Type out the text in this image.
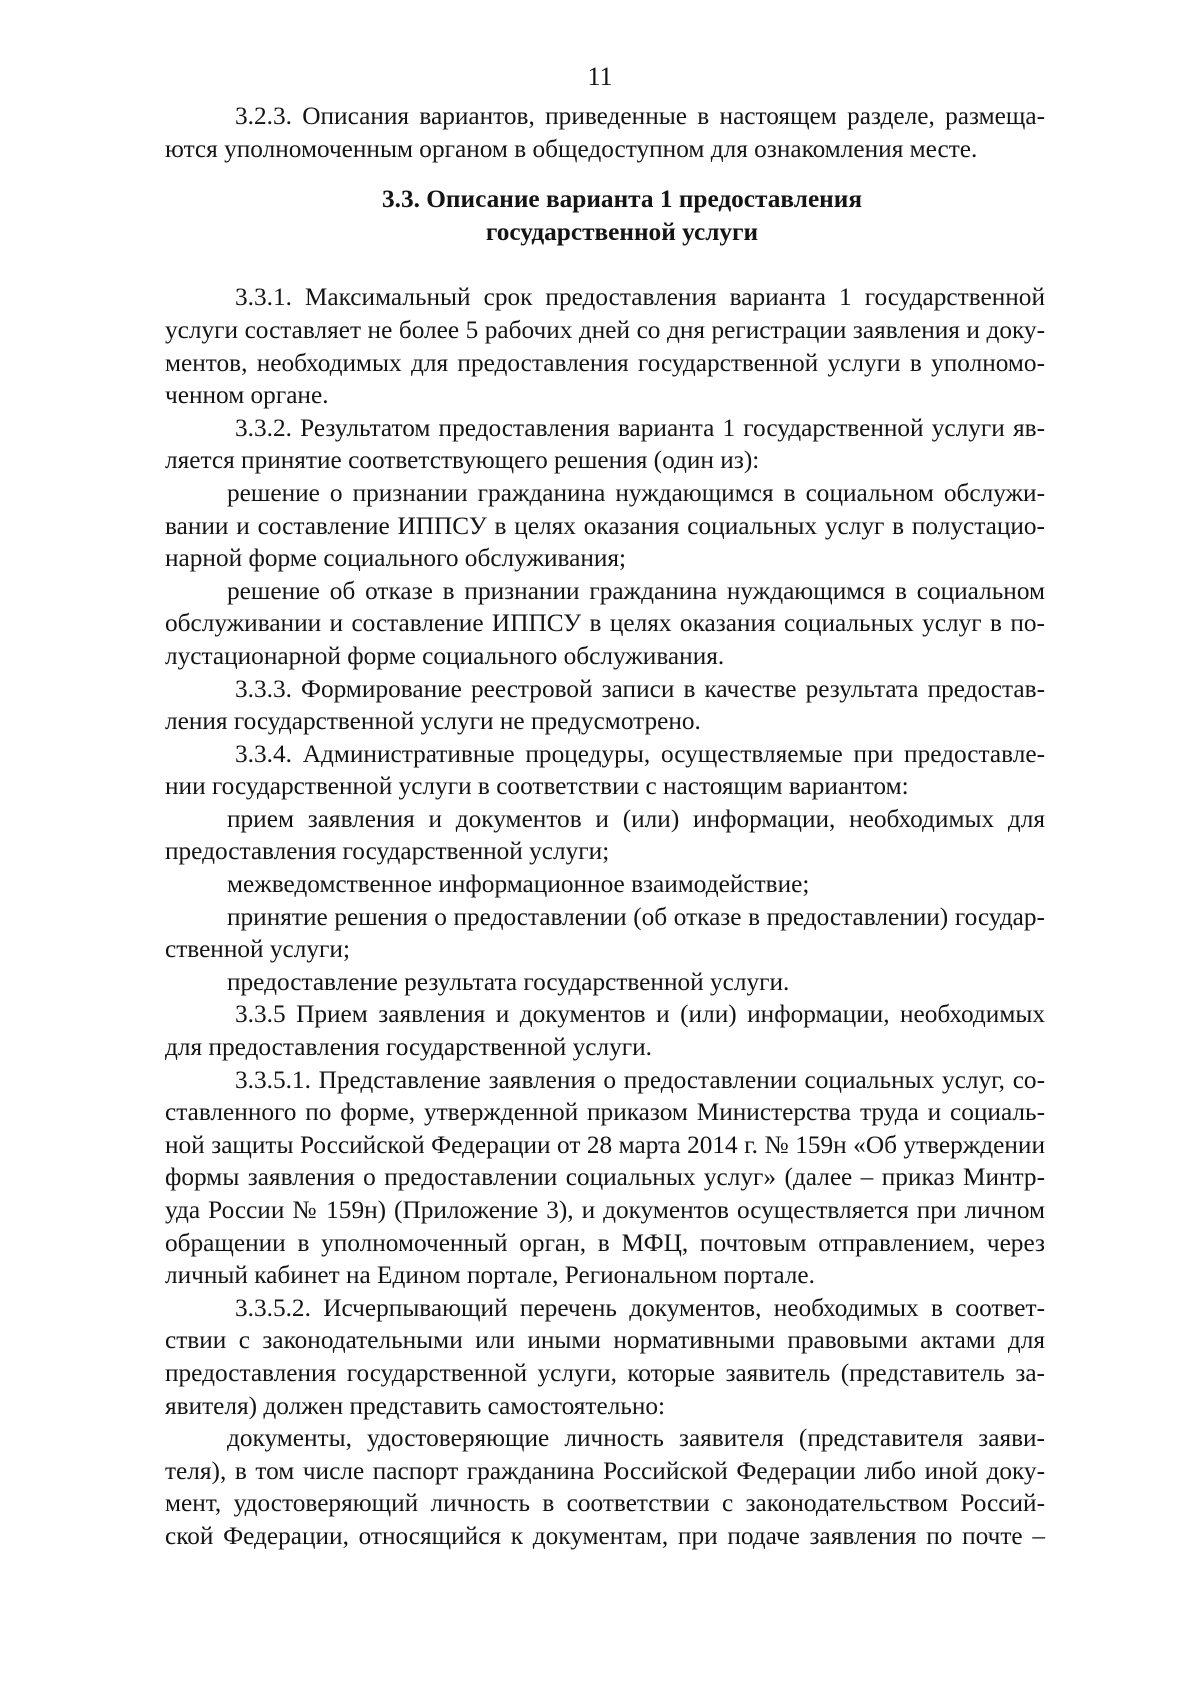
11
3.2.3. Описания вариантов, приведенные в настоящем разделе, размеща-
ются уполномоченным органом в общедоступном для ознакомления месте.
3.3. Описание варианта 1 предоставления
государственной услуги
3.3.1. Максимальный срок предоставления варианта 1 государственной
услуги составляет не более 5 рабочих дней со дня регистрации заявления и доку-
ментов, необходимых для предоставления государственной услуги в уполномо-
ченном органе.
3.3.2. Результатом предоставления варианта 1 государственной услуги яв-
ляется принятие соответствующего решения (один из):
решение о признании гражданина нуждающимся в социальном обслужи-
вании и составление ИППСУ в целях оказания социальных услуг в полустацио-
нарной форме социального обслуживания;
решение об отказе в признании гражданина нуждающимся в социальном
обслуживании и составление ИППСУ в целях оказания социальных услуг в по-
лустационарной форме социального обслуживания.
3.3.3. Формирование реестровой записи в качестве результата предостав-
ления государственной услуги не предусмотрено.
3.3.4. Административные процедуры, осуществляемые при предоставле-
нии государственной услуги в соответствии с настоящим вариантом:
прием заявления и документов и (или) информации, необходимых для
предоставления государственной услуги;
межведомственное информационное взаимодействие;
принятие решения о предоставлении (об отказе в предоставлении) государ-
ственной услуги;
предоставление результата государственной услуги.
3.3.5 Прием заявления и документов и (или) информации, необходимых
для предоставления государственной услуги.
3.3.5.1. Представление заявления о предоставлении социальных услуг, со-
ставленного по форме, утвержденной приказом Министерства труда и социаль-
ной защиты Российской Федерации от 28 марта 2014 г. № 159н «Об утверждении
формы заявления о предоставлении социальных услуг» (далее – приказ Минтр-
уда России № 159н) (Приложение 3), и документов осуществляется при личном
обращении в уполномоченный орган, в МФЦ, почтовым отправлением, через
личный кабинет на Едином портале, Региональном портале.
3.3.5.2. Исчерпывающий перечень документов, необходимых в соответ-
ствии с законодательными или иными нормативными правовыми актами для
предоставления государственной услуги, которые заявитель (представитель за-
явителя) должен представить самостоятельно:
документы, удостоверяющие личность заявителя (представителя заяви-
теля), в том числе паспорт гражданина Российской Федерации либо иной доку-
мент, удостоверяющий личность в соответствии с законодательством Россий-
ской Федерации, относящийся к документам, при подаче заявления по почте –
